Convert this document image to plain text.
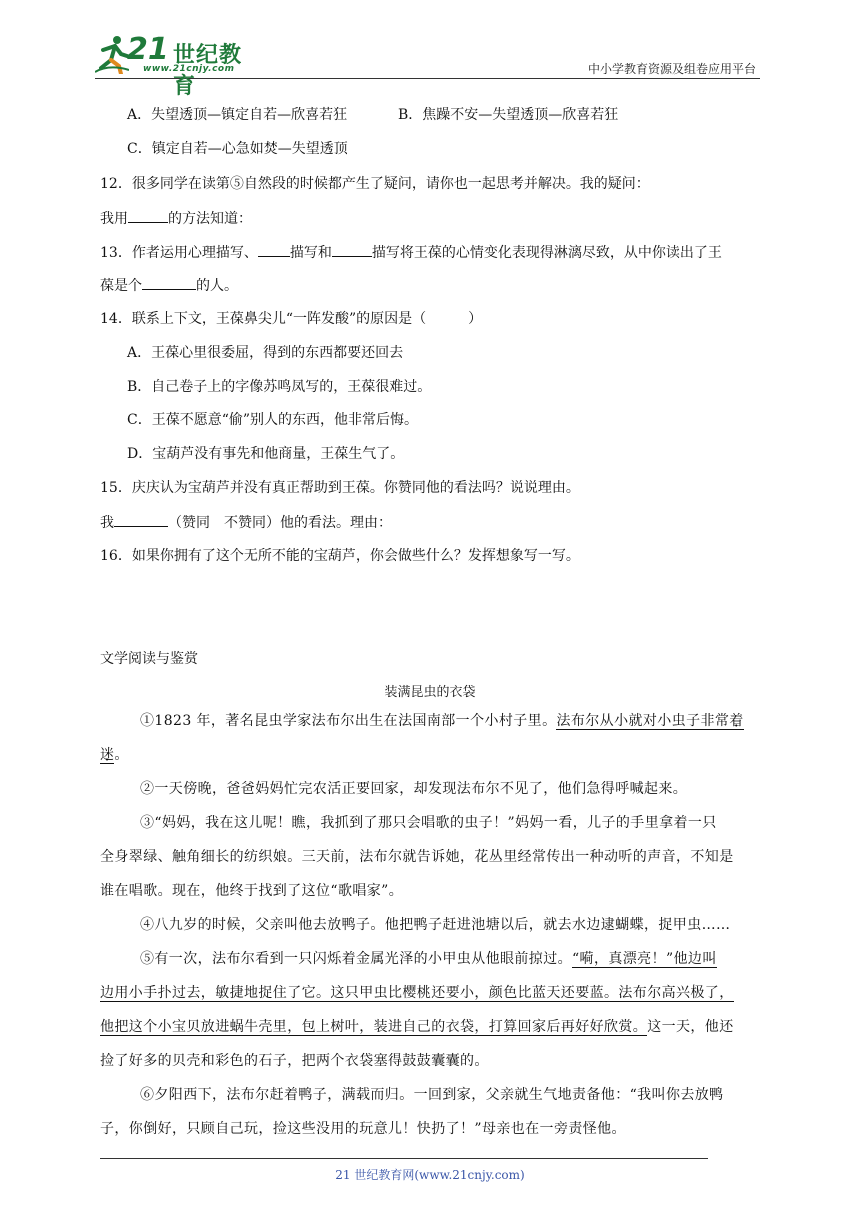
21 世纪教育
www.21cnjy.com	中小学教育资源及组卷应用平台
A．失望透顶—镇定自若—欣喜若狂	B．焦躁不安—失望透顶—欣喜若狂
C．镇定自若—心急如焚—失望透顶
12．很多同学在读第⑤自然段的时候都产生了疑问，请你也一起思考并解决。我的疑问：
我用	的方法知道：
13．作者运用心理描写、 描写和	描写将王葆的心情变化表现得淋漓尽致，从中你读出了王
葆是个	的人。
14．联系上下文，王葆鼻尖儿“一阵发酸”的原因是（　　　）
A．王葆心里很委屈，得到的东西都要还回去
B．自己卷子上的字像苏鸣凤写的，王葆很难过。
C．王葆不愿意“偷”别人的东西，他非常后悔。
D．宝葫芦没有事先和他商量，王葆生气了。
15．庆庆认为宝葫芦并没有真正帮助到王葆。你赞同他的看法吗？说说理由。
我	（赞同　不赞同）他的看法。理由：
16．如果你拥有了这个无所不能的宝葫芦，你会做些什么？发挥想象写一写。
文学阅读与鉴赏
装满昆虫的衣袋
①1823 年，著名昆虫学家法布尔出生在法国南部一个小村子里。法布尔从小就对小虫子非常着
迷。
②一天傍晚，爸爸妈妈忙完农活正要回家，却发现法布尔不见了，他们急得呼喊起来。
③“妈妈，我在这儿呢！瞧，我抓到了那只会唱歌的虫子！”妈妈一看，儿子的手里拿着一只
全身翠绿、触角细长的纺织娘。三天前，法布尔就告诉她，花丛里经常传出一种动听的声音，不知是
谁在唱歌。现在，他终于找到了这位“歌唱家”。
④八九岁的时候，父亲叫他去放鸭子。他把鸭子赶进池塘以后，就去水边逮蝴蝶，捉甲虫……
⑤有一次，法布尔看到一只闪烁着金属光泽的小甲虫从他眼前掠过。“嗬，真漂亮！”他边叫
边用小手扑过去，敏捷地捉住了它。这只甲虫比樱桃还要小，颜色比蓝天还要蓝。法布尔高兴极了，
他把这个小宝贝放进蜗牛壳里，包上树叶，装进自己的衣袋，打算回家后再好好欣赏。这一天，他还
捡了好多的贝壳和彩色的石子，把两个衣袋塞得鼓鼓囊囊的。
⑥夕阳西下，法布尔赶着鸭子，满载而归。一回到家，父亲就生气地责备他：“我叫你去放鸭
子，你倒好，只顾自己玩，捡这些没用的玩意儿！快扔了！”母亲也在一旁责怪他。
21 世纪教育网(www.21cnjy.com)
